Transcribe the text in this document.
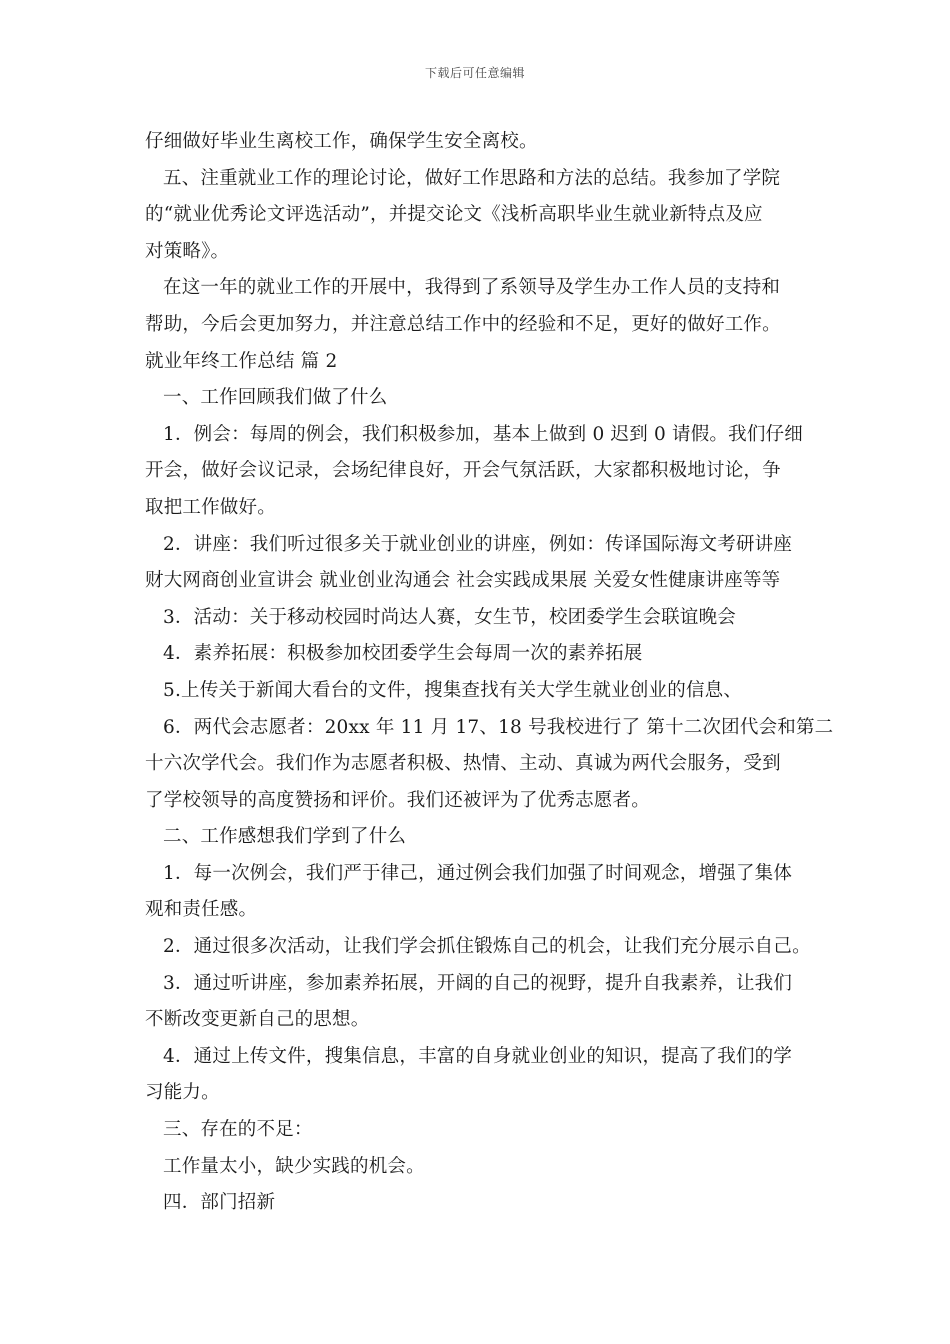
下载后可任意编辑
仔细做好毕业生离校工作，确保学生安全离校。
五、注重就业工作的理论讨论，做好工作思路和方法的总结。我参加了学院
的“就业优秀论文评选活动”，并提交论文《浅析高职毕业生就业新特点及应
对策略》。
在这一年的就业工作的开展中，我得到了系领导及学生办工作人员的支持和
帮助，今后会更加努力，并注意总结工作中的经验和不足，更好的做好工作。
就业年终工作总结 篇 2
一、工作回顾我们做了什么
1．例会：每周的例会，我们积极参加，基本上做到 0 迟到 0 请假。我们仔细
开会，做好会议记录，会场纪律良好，开会气氛活跃，大家都积极地讨论，争
取把工作做好。
2．讲座：我们听过很多关于就业创业的讲座，例如：传译国际海文考研讲座
财大网商创业宣讲会 就业创业沟通会 社会实践成果展 关爱女性健康讲座等等
3．活动：关于移动校园时尚达人赛，女生节，校团委学生会联谊晚会
4．素养拓展：积极参加校团委学生会每周一次的素养拓展
5.上传关于新闻大看台的文件，搜集查找有关大学生就业创业的信息、
6．两代会志愿者：20xx 年 11 月 17、18 号我校进行了 第十二次团代会和第二
十六次学代会。我们作为志愿者积极、热情、主动、真诚为两代会服务，受到
了学校领导的高度赞扬和评价。我们还被评为了优秀志愿者。
二、工作感想我们学到了什么
1．每一次例会，我们严于律己，通过例会我们加强了时间观念，增强了集体
观和责任感。
2．通过很多次活动，让我们学会抓住锻炼自己的机会，让我们充分展示自己。
3．通过听讲座，参加素养拓展，开阔的自己的视野，提升自我素养，让我们
不断改变更新自己的思想。
4．通过上传文件，搜集信息，丰富的自身就业创业的知识，提高了我们的学
习能力。
三、存在的不足：
工作量太小，缺少实践的机会。
四．部门招新
